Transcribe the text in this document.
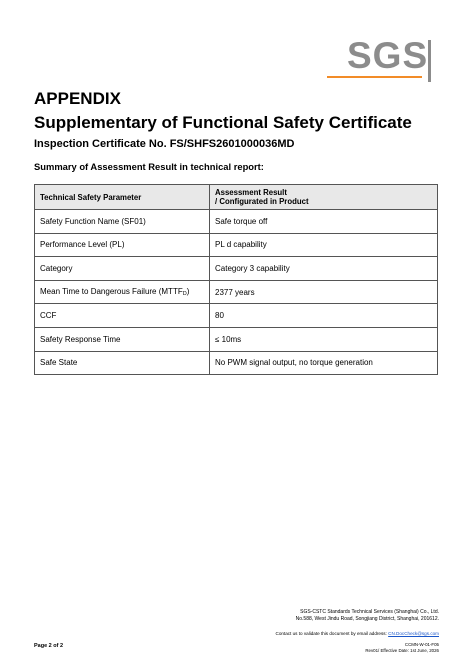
SGS
APPENDIX
Supplementary of Functional Safety Certificate
Inspection Certificate No. FS/SHFS2601000036MD

Summary of Assessment Result in technical report:

Technical Safety Parameter	Assessment Result
/ Configurated in Product

Safety Function Name (SF01)	Safe torque off
Performance Level (PL)	PL d capability
Category	Category 3 capability
Mean Time to Dangerous Failure (MTTFD)	2377 years
CCF	80
Safety Response Time	≤ 10ms
Safe State	No PWM signal output, no torque generation
SGS-CSTC Standards Technical Services (Shanghai) Co., Ltd.
No.588, West Jindu Road, Songjiang District, Shanghai, 201612.
Contact us to validate this document by email address: CN.DocCheck@sgs.com
Page 2 of 2	CCMN-W-01-F05
Rev01/ Effective Date: 1st June, 2026
